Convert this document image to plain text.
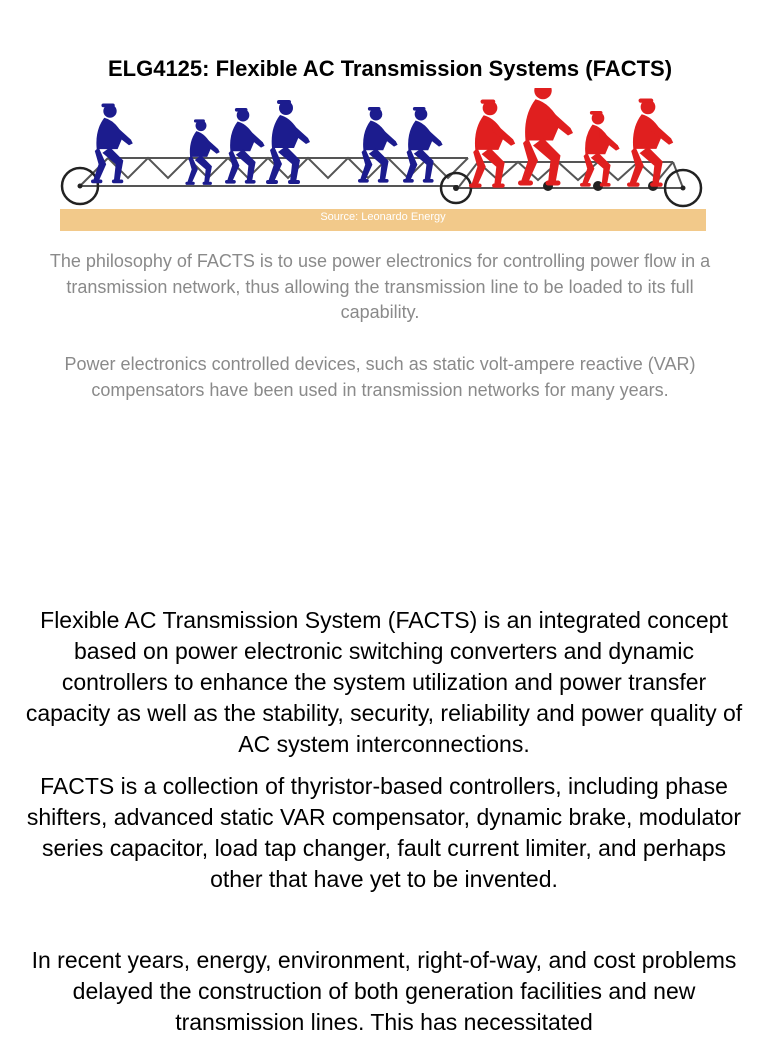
ELG4125: Flexible AC Transmission Systems (FACTS)
Source: Leonardo Energy
The philosophy of FACTS is to use power electronics for controlling power flow in a transmission network, thus allowing the transmission line to be loaded to its full capability.
Power electronics controlled devices, such as static volt-ampere reactive (VAR) compensators have been used in transmission networks for many years.
Flexible AC Transmission System (FACTS) is an integrated concept based on power electronic switching converters and dynamic controllers to enhance the system utilization and power transfer capacity as well as the stability, security, reliability and power quality of AC system interconnections.
FACTS is a collection of thyristor-based controllers, including phase shifters, advanced static VAR compensator, dynamic brake, modulator series capacitor, load tap changer, fault current limiter, and perhaps other that have yet to be invented.
In recent years, energy, environment, right-of-way, and cost problems delayed the construction of both generation facilities and new transmission lines. This has necessitated
